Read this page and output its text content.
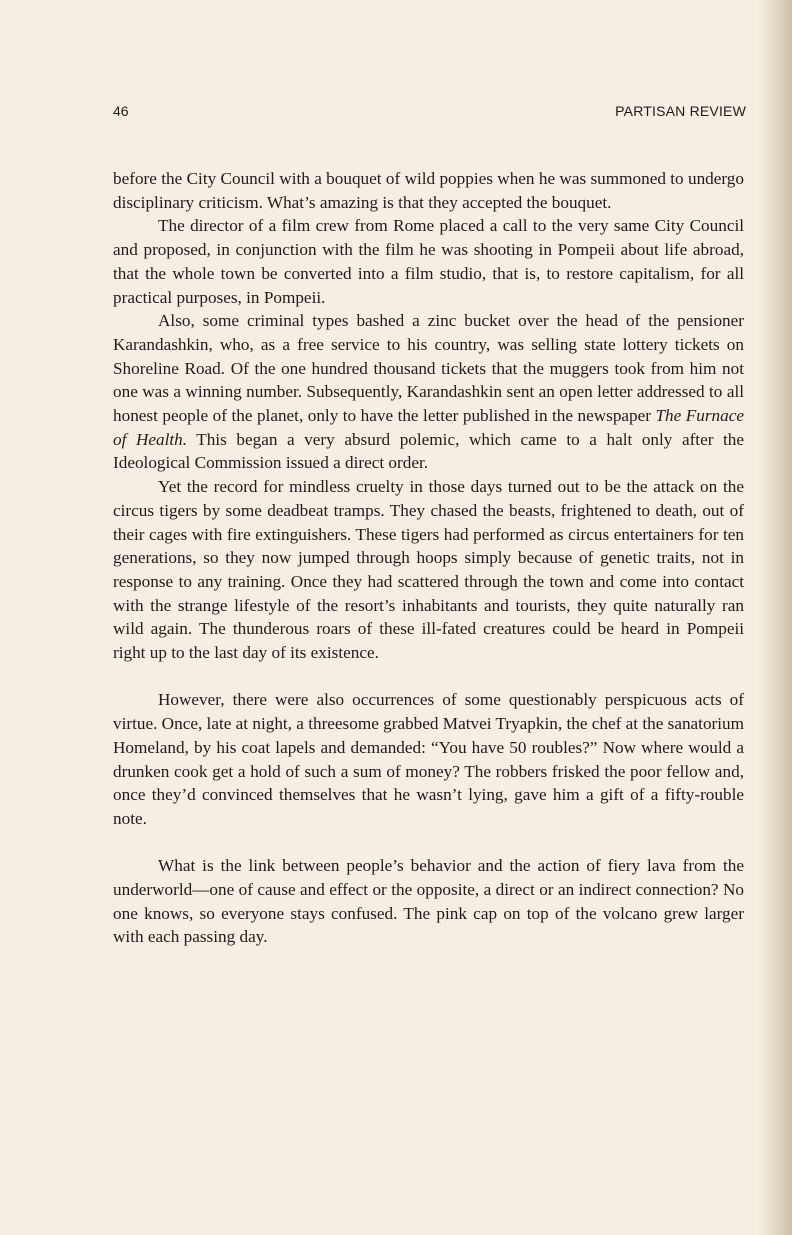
46	PARTISAN REVIEW

before the City Council with a bouquet of wild poppies when he was summoned to undergo disciplinary criticism. What’s amazing is that they accepted the bouquet.

The director of a film crew from Rome placed a call to the very same City Council and proposed, in conjunction with the film he was shooting in Pompeii about life abroad, that the whole town be converted into a film studio, that is, to restore capitalism, for all practical purposes, in Pompeii.

Also, some criminal types bashed a zinc bucket over the head of the pensioner Karandashkin, who, as a free service to his country, was selling state lottery tickets on Shoreline Road. Of the one hundred thousand tickets that the muggers took from him not one was a winning number. Subsequently, Karandashkin sent an open letter addressed to all honest people of the planet, only to have the letter published in the newspaper The Furnace of Health. This began a very absurd polemic, which came to a halt only after the Ideological Commission issued a direct order.

Yet the record for mindless cruelty in those days turned out to be the attack on the circus tigers by some deadbeat tramps. They chased the beasts, frightened to death, out of their cages with fire extinguishers. These tigers had performed as circus entertainers for ten generations, so they now jumped through hoops simply because of genetic traits, not in response to any training. Once they had scattered through the town and come into contact with the strange lifestyle of the resort’s inhabitants and tourists, they quite naturally ran wild again. The thunderous roars of these ill-fated creatures could be heard in Pompeii right up to the last day of its existence.

However, there were also occurrences of some questionably perspicuous acts of virtue. Once, late at night, a threesome grabbed Matvei Tryapkin, the chef at the sanatorium Homeland, by his coat lapels and demanded: “You have 50 roubles?” Now where would a drunken cook get a hold of such a sum of money? The robbers frisked the poor fellow and, once they’d convinced themselves that he wasn’t lying, gave him a gift of a fifty-rouble note.

What is the link between people’s behavior and the action of fiery lava from the underworld—one of cause and effect or the opposite, a direct or an indirect connection? No one knows, so everyone stays confused. The pink cap on top of the volcano grew larger with each passing day.
